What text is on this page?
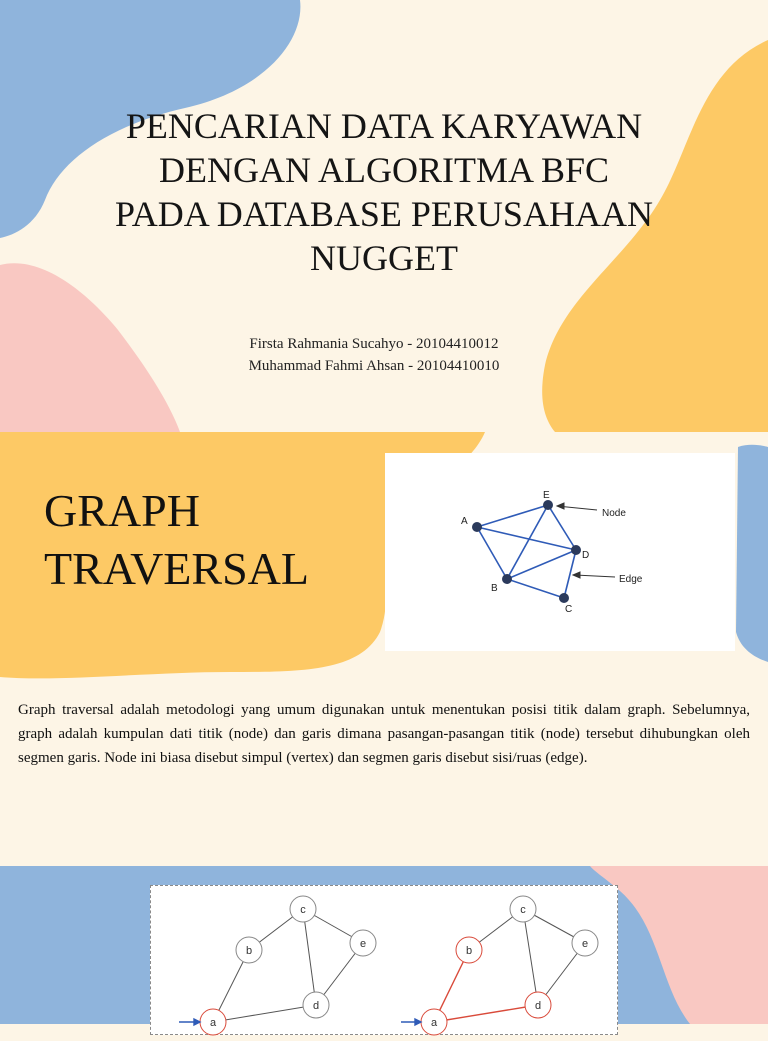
PENCARIAN DATA KARYAWAN DENGAN ALGORITMA BFC PADA DATABASE PERUSAHAAN NUGGET
Firsta Rahmania Sucahyo - 20104410012
Muhammad Fahmi Ahsan - 20104410010
GRAPH
TRAVERSAL
A
E
D
B
C
Node
Edge

Graph traversal adalah metodologi yang umum digunakan untuk menentukan posisi titik dalam graph. Sebelumnya, graph adalah kumpulan dati titik (node) dan garis dimana pasangan-pasangan titik (node) tersebut dihubungkan oleh segmen garis. Node ini biasa disebut simpul (vertex) dan segmen garis disebut sisi/ruas (edge).

c
b
e
d
a
c
b
e
d
a
